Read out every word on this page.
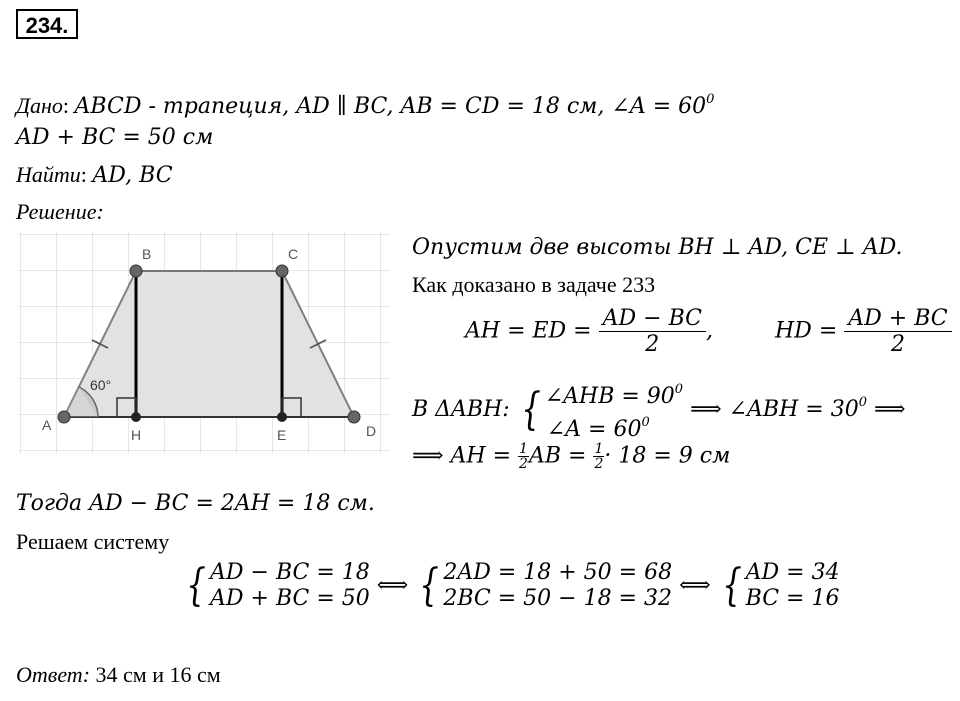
234.
Дано: ABCD - трапеция, AD ∥ BC, AB = CD = 18 см, ∠A = $60^0$
AD + BC = 50 см
Найти: AD, BC
Решение:
B	C
A
H	E	D
60°
Опустим две высоты BH ⊥ AD, CE ⊥ AD.
Как доказано в задаче 233
AH = ED = $\frac{AD - BC}{2}$ ,	HD = $\frac{AD + BC}{2}$
В ΔABH: { ∠AHB = $90^0$
∠A = $60^0$
⟹ ∠ABH = $30^0$ ⟹
⟹ AH = $\frac{1}{2}$ AB = $\frac{1}{2} \cdot 18 = 9$ см
Тогда AD − BC = 2AH = 18 см.
Решаем систему
{ AD − BC = 18
AD + BC = 50
⟺ { 2AD = 18 + 50 = 68
2BC = 50 − 18 = 32
⟺ { AD = 34
BC = 16
Ответ: 34 см и 16 см
